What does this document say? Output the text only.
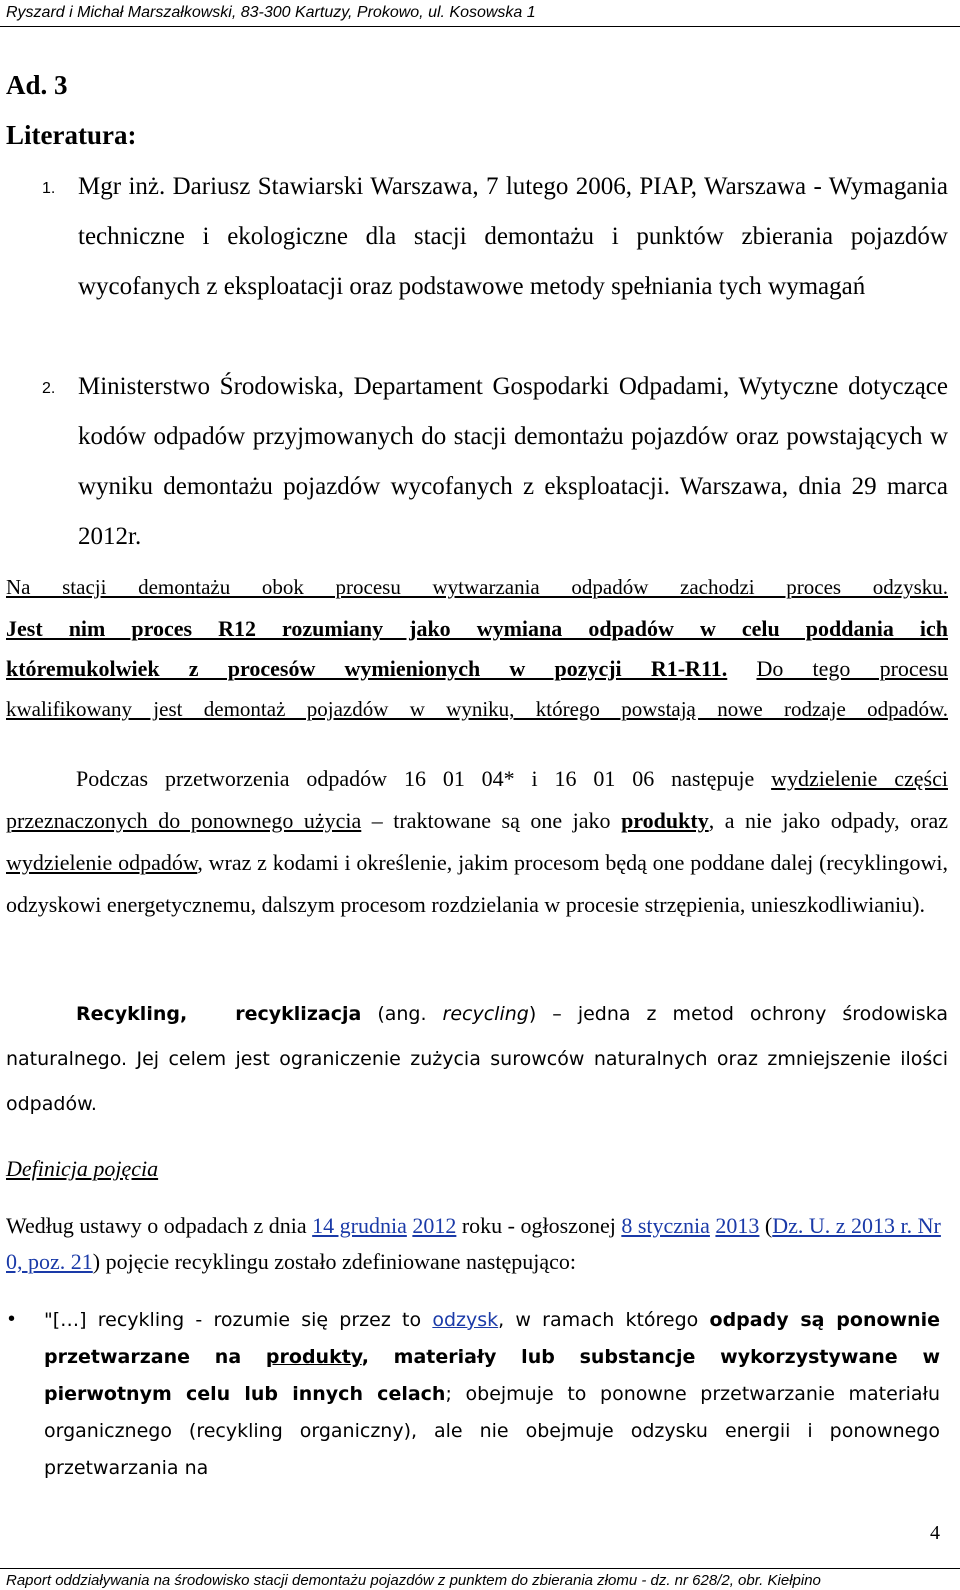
Ryszard i Michał Marszałkowski, 83-300 Kartuzy, Prokowo, ul. Kosowska 1
Ad. 3
Literatura:
1. Mgr inż. Dariusz Stawiarski Warszawa, 7 lutego 2006, PIAP, Warszawa - Wymagania techniczne i ekologiczne dla stacji demontażu i punktów zbierania pojazdów wycofanych z eksploatacji oraz podstawowe metody spełniania tych wymagań
2. Ministerstwo Środowiska, Departament Gospodarki Odpadami, Wytyczne dotyczące kodów odpadów przyjmowanych do stacji demontażu pojazdów oraz powstających w wyniku demontażu pojazdów wycofanych z eksploatacji. Warszawa, dnia 29 marca 2012r.
Na stacji demontażu obok procesu wytwarzania odpadów zachodzi proces odzysku.
Jest nim proces R12 rozumiany jako wymiana odpadów w celu poddania ich
któremukolwiek z procesów wymienionych w pozycji R1-R11. Do tego procesu
kwalifikowany jest demontaż pojazdów w wyniku, którego powstają nowe rodzaje odpadów.
Podczas przetworzenia odpadów 16 01 04* i 16 01 06 następuje wydzielenie części przeznaczonych do ponownego użycia – traktowane są one jako produkty, a nie jako odpady, oraz wydzielenie odpadów, wraz z kodami i określenie, jakim procesom będą one poddane dalej (recyklingowi, odzyskowi energetycznemu, dalszym procesom rozdzielania w procesie strzępienia, unieszkodliwianiu).
Recykling,	recyklizacja (ang. recycling) – jedna z metod ochrony środowiska naturalnego. Jej celem jest ograniczenie zużycia surowców naturalnych oraz zmniejszenie ilości odpadów.
Definicja pojęcia
Według ustawy o odpadach z dnia 14 grudnia 2012 roku - ogłoszonej 8 stycznia 2013 (Dz. U. z 2013 r. Nr 0, poz. 21) pojęcie recyklingu zostało zdefiniowane następująco:
• "[…] recykling - rozumie się przez to odzysk, w ramach którego odpady są ponownie przetwarzane na produkty, materiały lub substancje wykorzystywane w pierwotnym celu lub innych celach; obejmuje to ponowne przetwarzanie materiału organicznego (recykling organiczny), ale nie obejmuje odzysku energii i ponownego przetwarzania na
4
Raport oddziaływania na środowisko stacji demontażu pojazdów z punktem do zbierania złomu - dz. nr 628/2, obr. Kiełpino
